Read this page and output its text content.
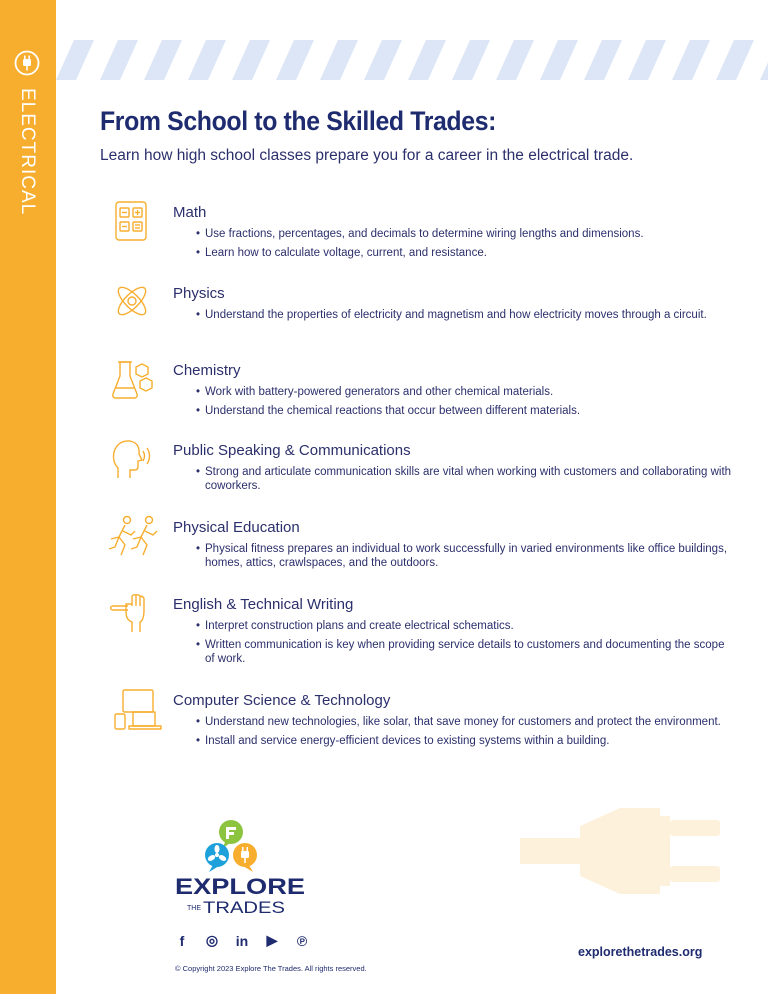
ELECTRICAL From School to the Skilled Trades:
Learn how high school classes prepare you for a career in the electrical trade.
Math
• Use fractions, percentages, and decimals to determine wiring lengths and dimensions.
• Learn how to calculate voltage, current, and resistance.
Physics
• Understand the properties of electricity and magnetism and how electricity moves through a circuit.
Chemistry
• Work with battery-powered generators and other chemical materials.
• Understand the chemical reactions that occur between different materials.
Public Speaking & Communications
• Strong and articulate communication skills are vital when working with customers and collaborating with coworkers.
Physical Education
• Physical fitness prepares an individual to work successfully in varied environments like office buildings, homes, attics, crawlspaces, and the outdoors.
English & Technical Writing
• Interpret construction plans and create electrical schematics.
• Written communication is key when providing service details to customers and documenting the scope of work.
Computer Science & Technology
• Understand new technologies, like solar, that save money for customers and protect the environment.
• Install and service energy-efficient devices to existing systems within a building.
EXPLORE
THE TRADES
f	◎ in ▶ ℗
© Copyright 2023 Explore The Trades. All rights reserved.
explorethetrades.org
